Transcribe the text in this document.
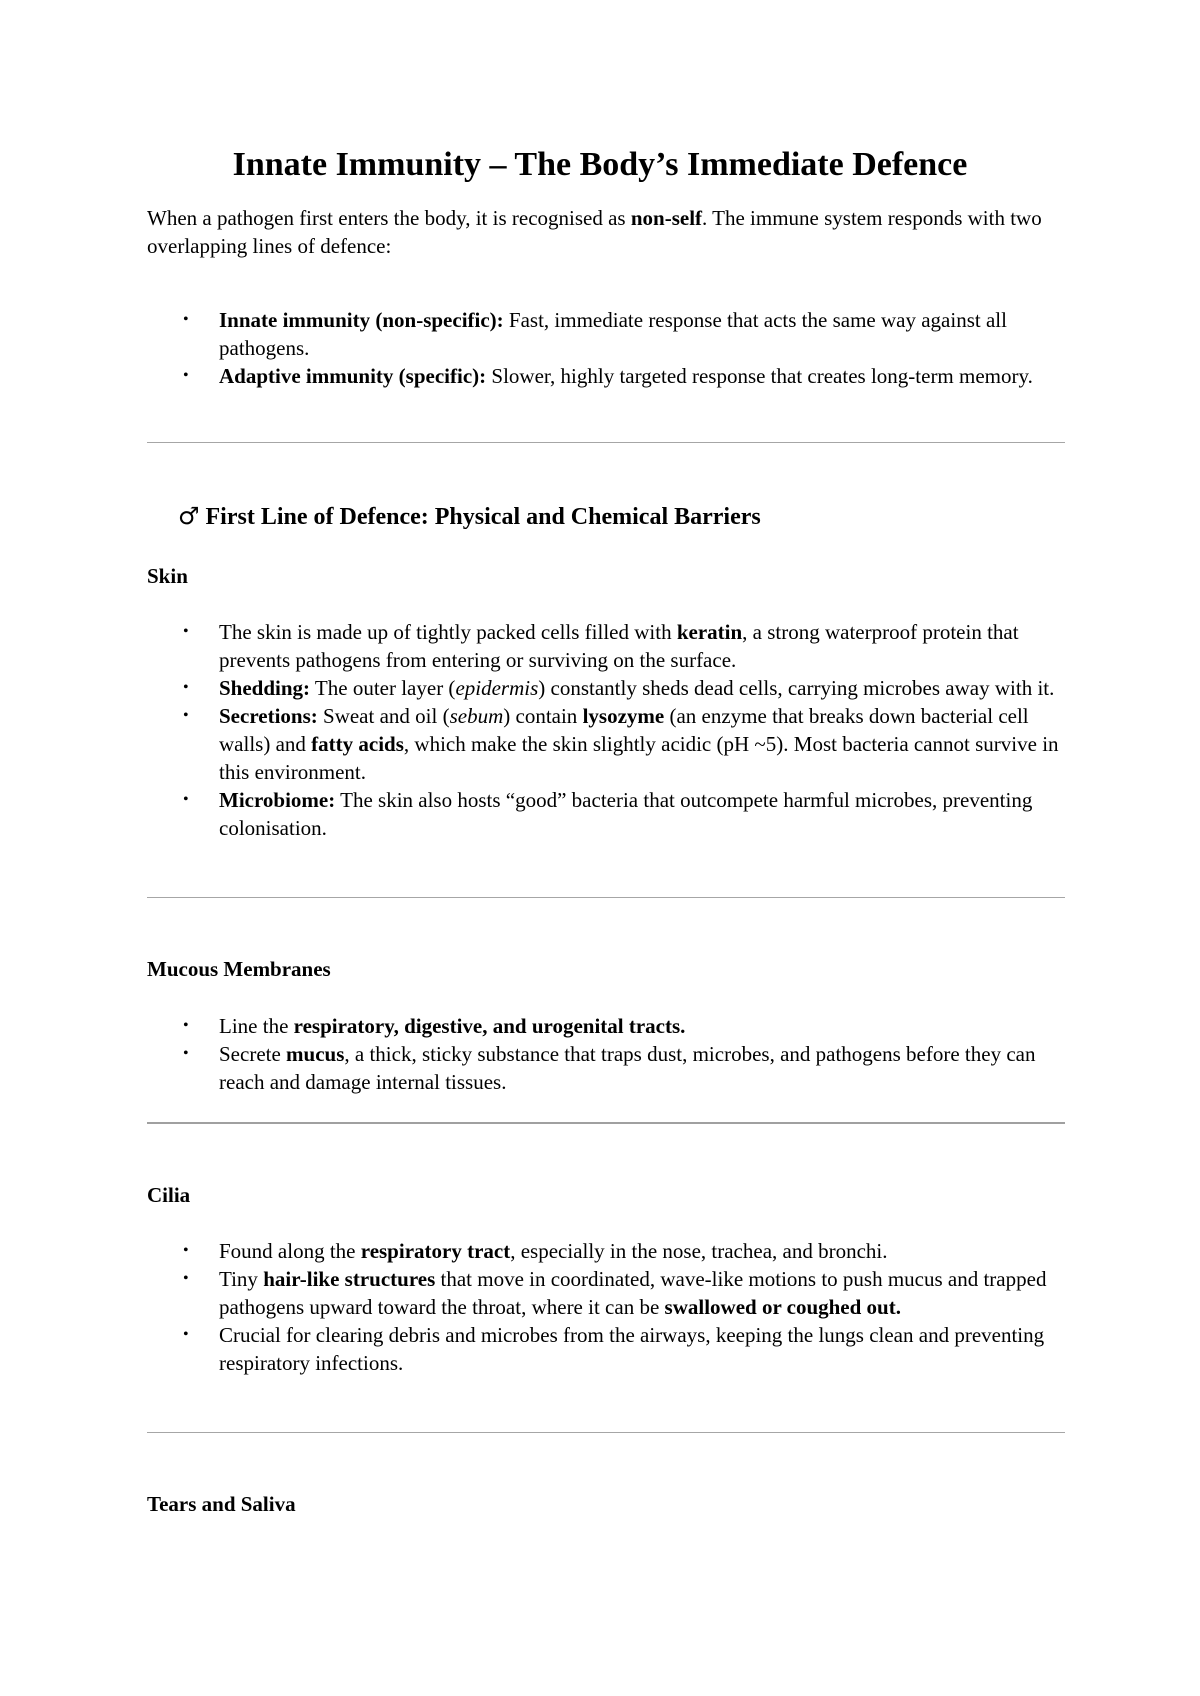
Innate Immunity – The Body’s Immediate Defence

When a pathogen first enters the body, it is recognised as non-self. The immune system responds with two overlapping lines of defence:

• Innate immunity (non-specific): Fast, immediate response that acts the same way against all pathogens.
• Adaptive immunity (specific): Slower, highly targeted response that creates long-term memory.
♂ First Line of Defence: Physical and Chemical Barriers
Skin
• The skin is made up of tightly packed cells filled with keratin, a strong waterproof protein that prevents pathogens from entering or surviving on the surface.
• Shedding: The outer layer (epidermis) constantly sheds dead cells, carrying microbes away with it.
• Secretions: Sweat and oil (sebum) contain lysozyme (an enzyme that breaks down bacterial cell walls) and fatty acids, which make the skin slightly acidic (pH ~5). Most bacteria cannot survive in this environment.
• Microbiome: The skin also hosts “good” bacteria that outcompete harmful microbes, preventing colonisation.
Mucous Membranes
• Line the respiratory, digestive, and urogenital tracts.
• Secrete mucus, a thick, sticky substance that traps dust, microbes, and pathogens before they can reach and damage internal tissues.
Cilia
• Found along the respiratory tract, especially in the nose, trachea, and bronchi.
• Tiny hair-like structures that move in coordinated, wave-like motions to push mucus and trapped pathogens upward toward the throat, where it can be swallowed or coughed out.
• Crucial for clearing debris and microbes from the airways, keeping the lungs clean and preventing respiratory infections.
Tears and Saliva
